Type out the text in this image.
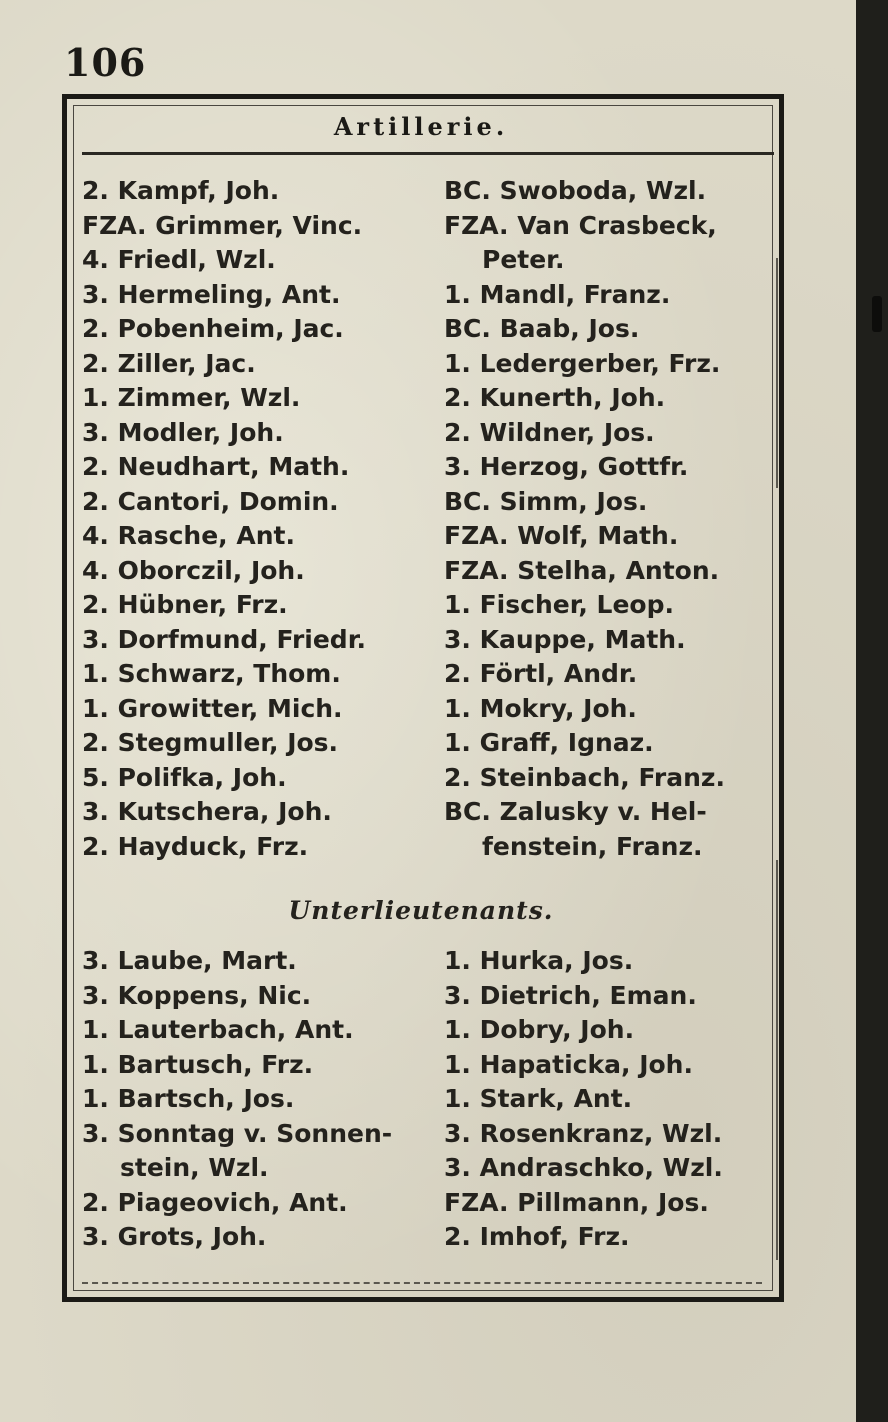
106
Artillerie.
2. Kampf, Joh.
FZA. Grimmer, Vinc.
4. Friedl, Wzl.
3. Hermeling, Ant.
2. Pobenheim, Jac.
2. Ziller, Jac.
1. Zimmer, Wzl.
3. Modler, Joh.
2. Neudhart, Math.
2. Cantori, Domin.
4. Rasche, Ant.
4. Oborczil, Joh.
2. Hübner, Frz.
3. Dorfmund, Friedr.
1. Schwarz, Thom.
1. Growitter, Mich.
2. Stegmuller, Jos.
5. Polifka, Joh.
3. Kutschera, Joh.
2. Hayduck, Frz.
BC. Swoboda, Wzl.
FZA. Van Crasbeck,
Peter.
1. Mandl, Franz.
BC. Baab, Jos.
1. Ledergerber, Frz.
2. Kunerth, Joh.
2. Wildner, Jos.
3. Herzog, Gottfr.
BC. Simm, Jos.
FZA. Wolf, Math.
FZA. Stelha, Anton.
1. Fischer, Leop.
3. Kauppe, Math.
2. Förtl, Andr.
1. Mokry, Joh.
1. Graff, Ignaz.
2. Steinbach, Franz.
BC. Zalusky v. Hel-
fenstein, Franz.
Unterlieutenants.
3. Laube, Mart.
3. Koppens, Nic.
1. Lauterbach, Ant.
1. Bartusch, Frz.
1. Bartsch, Jos.
3. Sonntag v. Sonnen-
stein, Wzl.
2. Piageovich, Ant.
3. Grots, Joh.
1. Hurka, Jos.
3. Dietrich, Eman.
1. Dobry, Joh.
1. Hapaticka, Joh.
1. Stark, Ant.
3. Rosenkranz, Wzl.
3. Andraschko, Wzl.
FZA. Pillmann, Jos.
2. Imhof, Frz.
